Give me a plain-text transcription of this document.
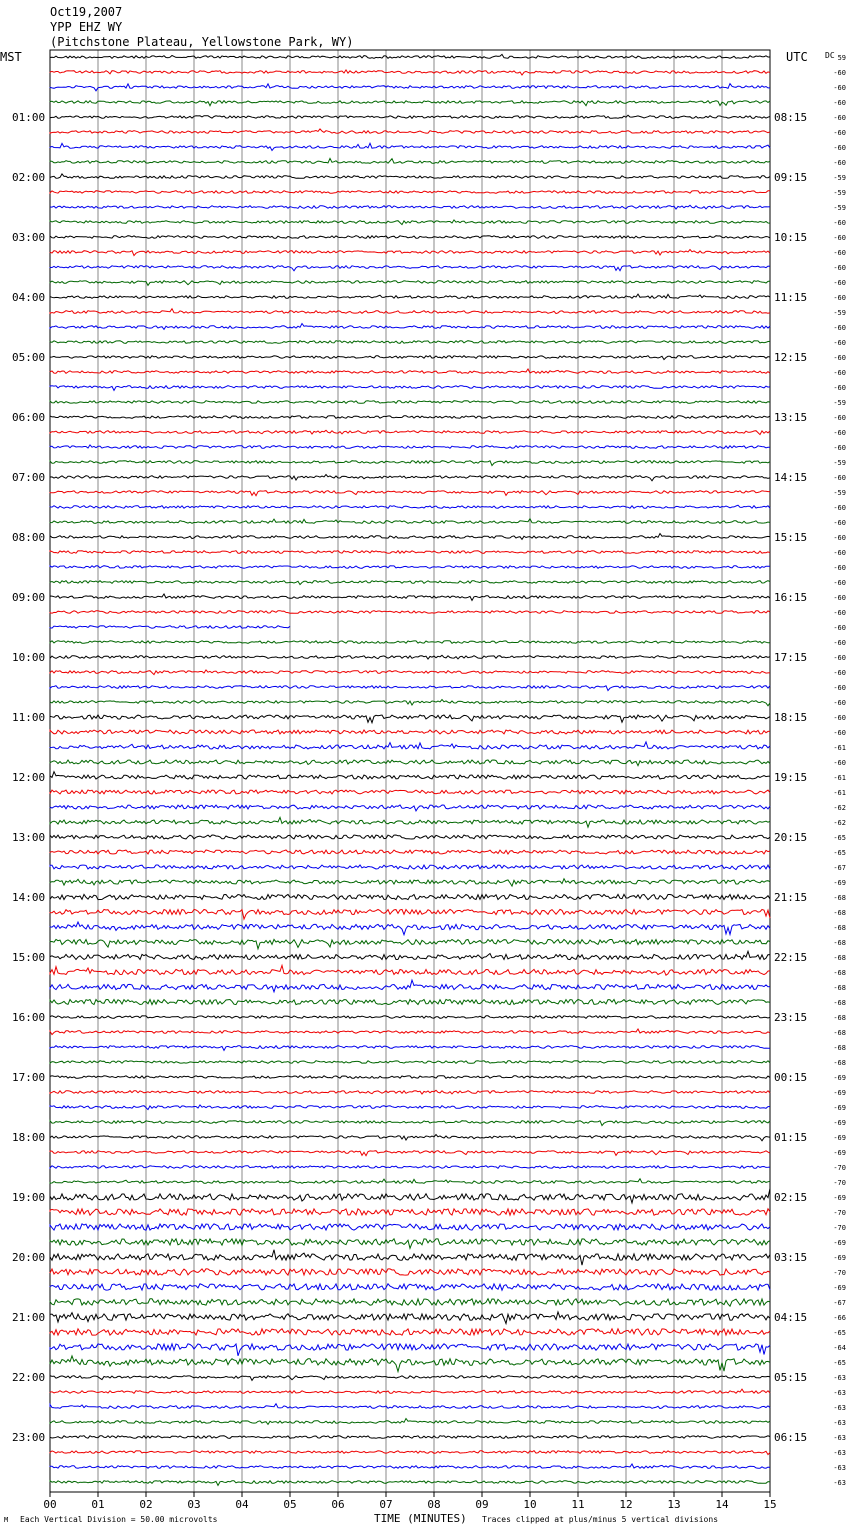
Oct19,2007
YPP EHZ WY
(Pitchstone Plateau, Yellowstone Park, WY)
MST	UTC DC
01:00
02:00
03:00
04:00
05:00
06:00
07:00
08:00
09:00
10:00
11:00
12:00
13:00
14:00
15:00
16:00
17:00
18:00
19:00
20:00
21:00
22:00
23:00
08:15
09:15
10:15
11:15
12:15
13:15
14:15
15:15
16:15
17:15
18:15
19:15
20:15
21:15
22:15
23:15
00:15
01:15
02:15
03:15
04:15
05:15
06:15
59
-60
-60
-60
-60
-60
-60
-60
-59
-59
-59
-60
-60
-60
-60
-60
-60
-59
-60
-60
-60
-60
-60
-59
-60
-60
-60
-59
-60
-59
-60
-60
-60
-60
-60
-60
-60
-60
-60
-60
-60
-60
-60
-60
-60
-60
-61
-60
-61
-61
-62
-62
-65
-65
-67
-69
-68
-68
-68
-68
-68
-68
-68
-68
-68
-68
-68
-68
-69
-69
-69
-69
-69
-69
-70
-70
-69
-70
-70
-69
-69
-70
-69
-67
-66
-65
-64
-65
-63
-63
-63
-63
-63
-63
-63
-63
00	01	02	03	04	05	06	07	08	09	10	11	12	13	14	15
M Each Vertical Division = 50.00 microvolts	TIME (MINUTES) Traces clipped at plus/minus 5 vertical divisions
